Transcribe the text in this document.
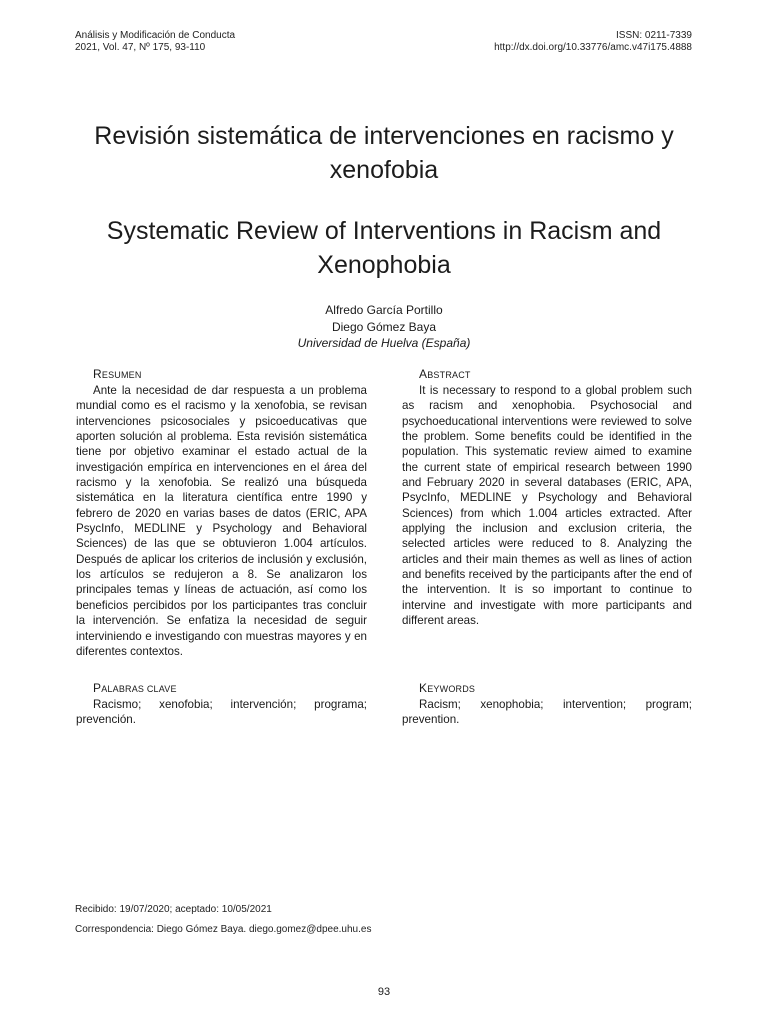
Análisis y Modificación de Conducta
2021, Vol. 47, Nº 175, 93-110
ISSN: 0211-7339
http://dx.doi.org/10.33776/amc.v47i175.4888
Revisión sistemática de intervenciones en racismo y xenofobia
Systematic Review of Interventions in Racism and Xenophobia
Alfredo García Portillo
Diego Gómez Baya
Universidad de Huelva (España)
RESUMEN
Ante la necesidad de dar respuesta a un problema mundial como es el racismo y la xenofobia, se revisan intervenciones psicosociales y psicoeducativas que aporten solución al problema. Esta revisión sistemática tiene por objetivo examinar el estado actual de la investigación empírica en intervenciones en el área del racismo y la xenofobia. Se realizó una búsqueda sistemática en la literatura científica entre 1990 y febrero de 2020 en varias bases de datos (ERIC, APA PsycInfo, MEDLINE y Psychology and Behavioral Sciences) de las que se obtuvieron 1.004 artículos. Después de aplicar los criterios de inclusión y exclusión, los artículos se redujeron a 8. Se analizaron los principales temas y líneas de actuación, así como los beneficios percibidos por los participantes tras concluir la intervención. Se enfatiza la necesidad de seguir interviniendo e investigando con muestras mayores y en diferentes contextos.
ABSTRACT
It is necessary to respond to a global problem such as racism and xenophobia. Psychosocial and psychoeducational interventions were reviewed to solve the problem. Some benefits could be identified in the population. This systematic review aimed to examine the current state of empirical research between 1990 and February 2020 in several databases (ERIC, APA, PsycInfo, MEDLINE y Psychology and Behavioral Sciences) from which 1.004 articles extracted. After applying the inclusion and exclusion criteria, the selected articles were reduced to 8. Analyzing the articles and their main themes as well as lines of action and benefits received by the participants after the end of the intervention. It is so important to continue to intervine and investigate with more participants and different areas.
PALABRAS CLAVE
Racismo; xenofobia; intervención; programa; prevención.
KEYWORDS
Racism; xenophobia; intervention; program; prevention.
Recibido: 19/07/2020; aceptado: 10/05/2021
Correspondencia: Diego Gómez Baya. diego.gomez@dpee.uhu.es
93
